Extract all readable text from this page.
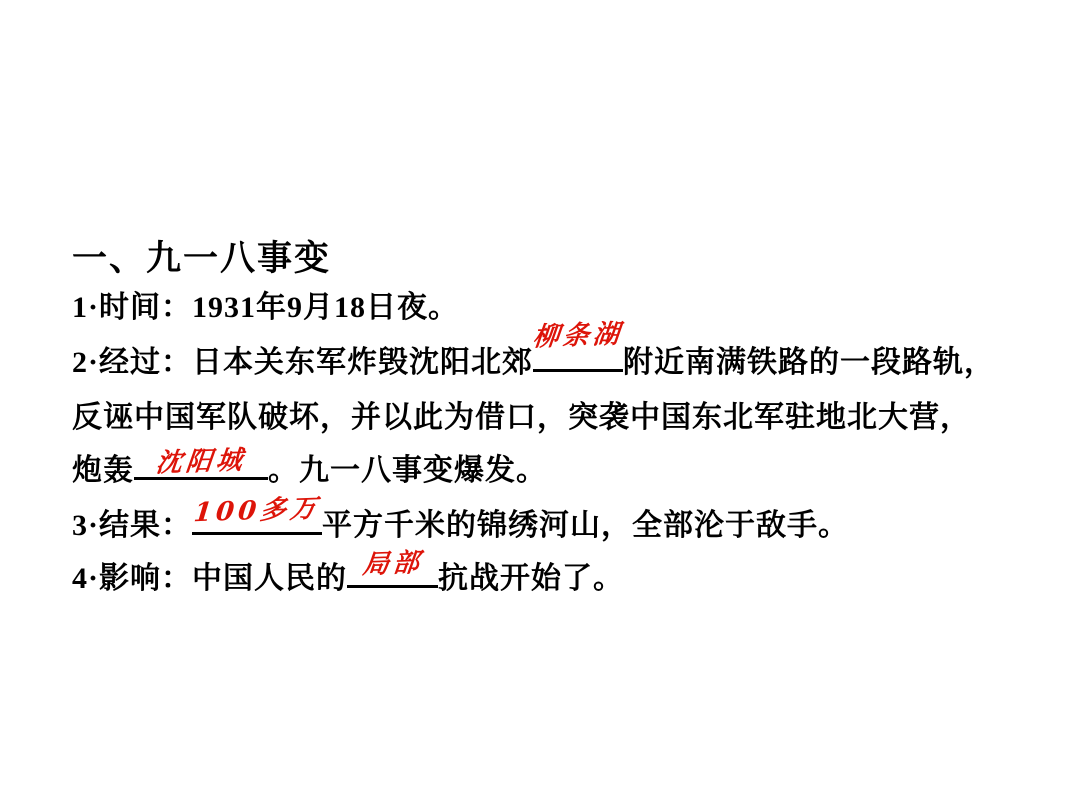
一、九一八事变
1·时间：1931年9月18日夜。
2·经过：日本关东军炸毁沈阳北郊
柳条湖
附近南满铁路的一段路轨，
反诬中国军队破坏，并以此为借口，突袭中国东北军驻地北大营，
炮轰 沈阳城 。九一八事变爆发。
3·结果： 100多万 平方千米的锦绣河山，全部沦于敌手。
4·影响：中国人民的 局部 抗战开始了。
